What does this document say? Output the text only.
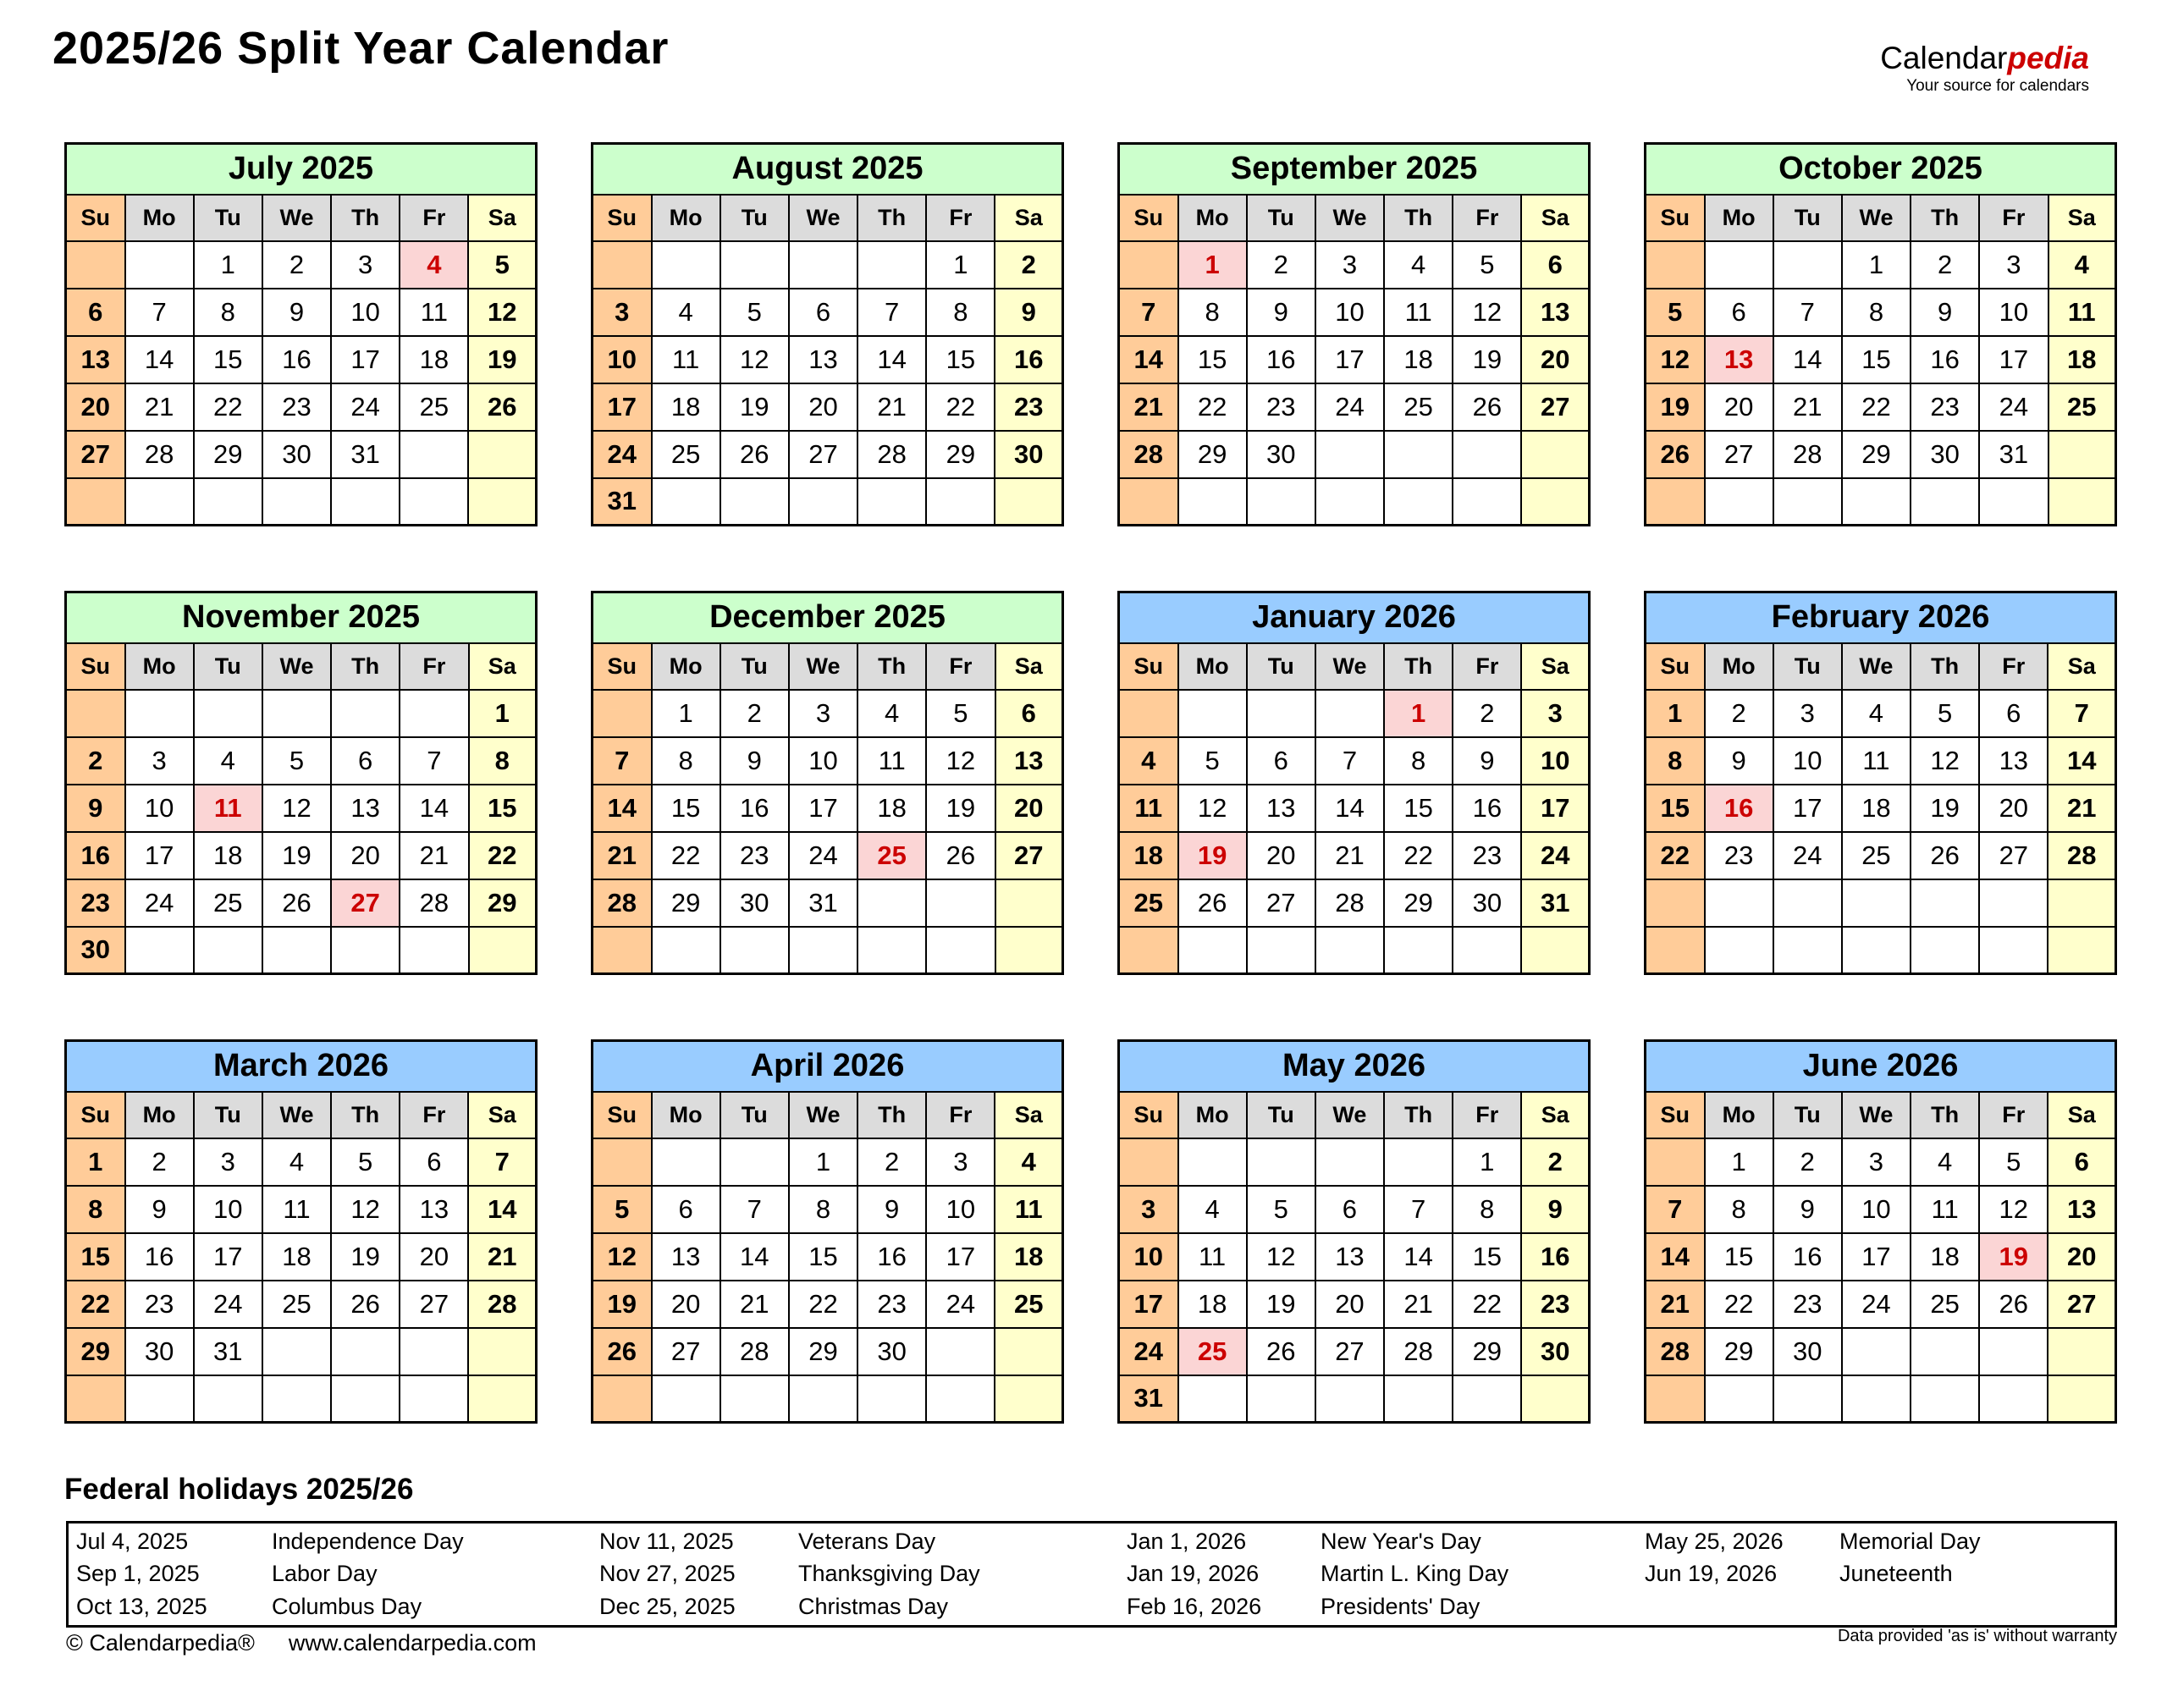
2025/26 Split Year Calendar	Calendarpedia
Your source for calendars
July 2025						
Su	Mo	Tu	We	Th	Fr	Sa
		1	2	3	4	5
6	7	8	9	10	11	12
13	14	15	16	17	18	19
20	21	22	23	24	25	26
27	28	29	30	31		

August 2025						
Su	Mo	Tu	We	Th	Fr	Sa
					1	2
3	4	5	6	7	8	9
10	11	12	13	14	15	16
17	18	19	20	21	22	23
24	25	26	27	28	29	30
31						
September 2025						
Su	Mo	Tu	We	Th	Fr	Sa
	1	2	3	4	5	6
7	8	9	10	11	12	13
14	15	16	17	18	19	20
21	22	23	24	25	26	27
28	29	30				

October 2025						
Su	Mo	Tu	We	Th	Fr	Sa
			1	2	3	4
5	6	7	8	9	10	11
12	13	14	15	16	17	18
19	20	21	22	23	24	25
26	27	28	29	30	31	

November 2025						
Su	Mo	Tu	We	Th	Fr	Sa
						1
2	3	4	5	6	7	8
9	10	11	12	13	14	15
16	17	18	19	20	21	22
23	24	25	26	27	28	29
30						
December 2025						
Su	Mo	Tu	We	Th	Fr	Sa
	1	2	3	4	5	6
7	8	9	10	11	12	13
14	15	16	17	18	19	20
21	22	23	24	25	26	27
28	29	30	31			

January 2026						
Su	Mo	Tu	We	Th	Fr	Sa
				1	2	3
4	5	6	7	8	9	10
11	12	13	14	15	16	17
18	19	20	21	22	23	24
25	26	27	28	29	30	31

February 2026						
Su	Mo	Tu	We	Th	Fr	Sa
1	2	3	4	5	6	7
8	9	10	11	12	13	14
15	16	17	18	19	20	21
22	23	24	25	26	27	28

March 2026						
Su	Mo	Tu	We	Th	Fr	Sa
1	2	3	4	5	6	7
8	9	10	11	12	13	14
15	16	17	18	19	20	21
22	23	24	25	26	27	28
29	30	31				

April 2026						
Su	Mo	Tu	We	Th	Fr	Sa
			1	2	3	4
5	6	7	8	9	10	11
12	13	14	15	16	17	18
19	20	21	22	23	24	25
26	27	28	29	30		

May 2026						
Su	Mo	Tu	We	Th	Fr	Sa
					1	2
3	4	5	6	7	8	9
10	11	12	13	14	15	16
17	18	19	20	21	22	23
24	25	26	27	28	29	30
31						
June 2026						
Su	Mo	Tu	We	Th	Fr	Sa
	1	2	3	4	5	6
7	8	9	10	11	12	13
14	15	16	17	18	19	20
21	22	23	24	25	26	27
28	29	30				

Federal holidays 2025/26
Jul 4, 2025	Independence Day	Nov 11, 2025	Veterans Day	Jan 1, 2026	New Year's Day	May 25, 2026	Memorial Day
Sep 1, 2025	Labor Day	Nov 27, 2025	Thanksgiving Day	Jan 19, 2026	Martin L. King Day	Jun 19, 2026	Juneteenth
Oct 13, 2025	Columbus Day	Dec 25, 2025	Christmas Day	Feb 16, 2026	Presidents' Day
© Calendarpedia® www.calendarpedia.com	Data provided 'as is' without warranty
